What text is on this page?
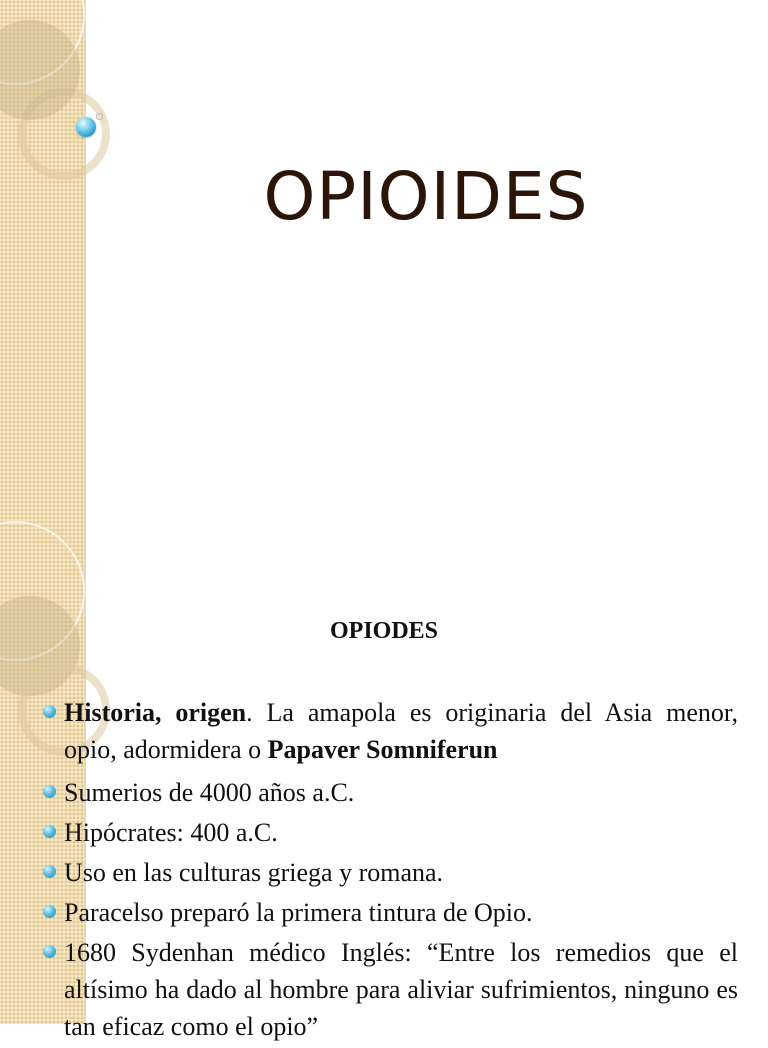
OPIOIDES
OPIODES
Historia, origen. La amapola es originaria del Asia menor, opio, adormidera o Papaver Somniferun
Sumerios de 4000 años a.C.
Hipócrates: 400 a.C.
Uso en las culturas griega y romana.
Paracelso preparó la primera tintura de Opio.
1680 Sydenhan médico Inglés: “Entre los remedios que el altísimo ha dado al hombre para aliviar sufrimientos, ninguno es tan eficaz como el opio”
